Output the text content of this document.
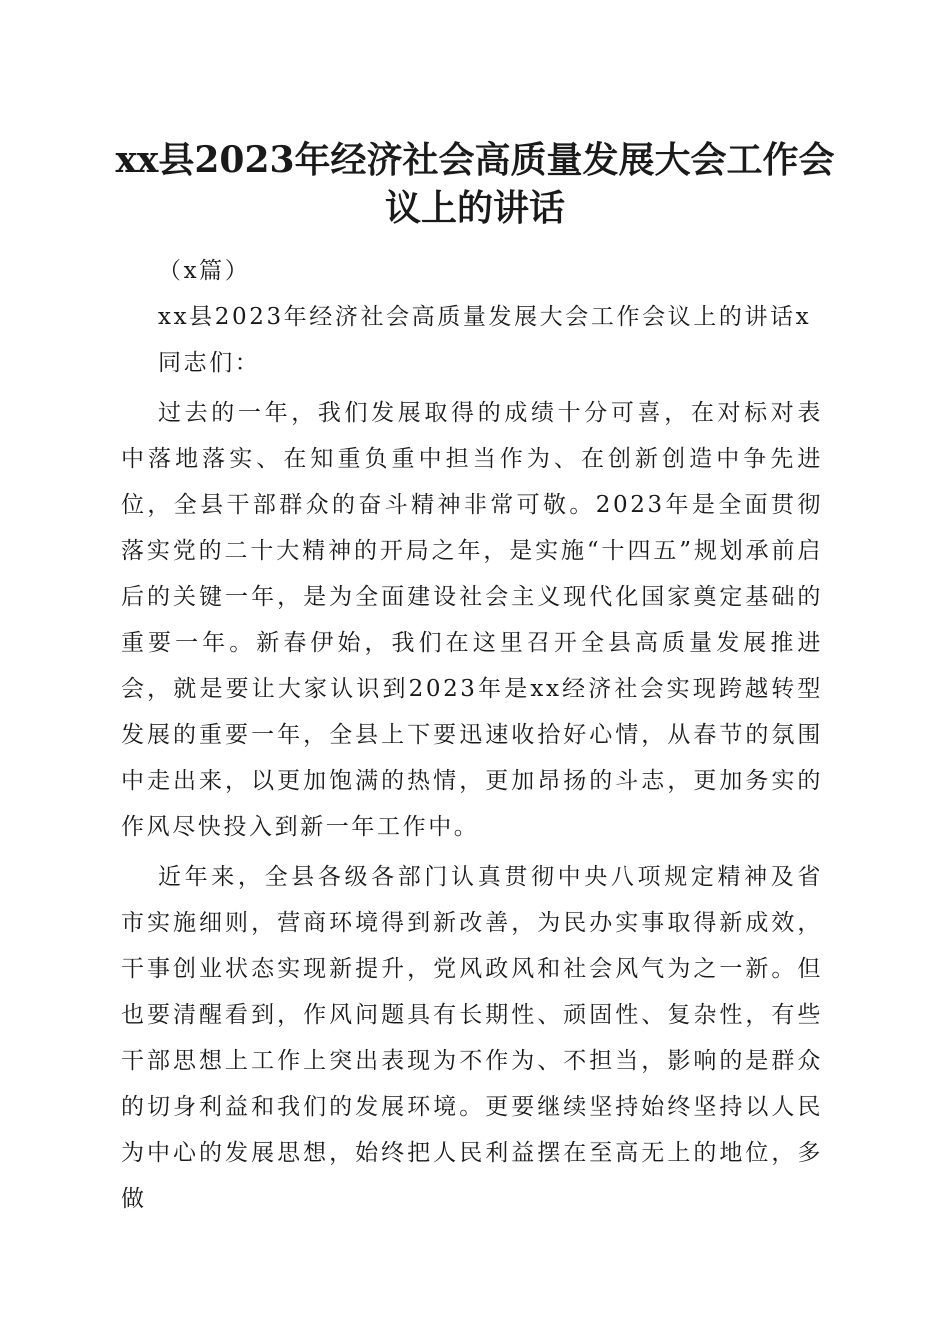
xx县2023年经济社会高质量发展大会工作会
议上的讲话

（x篇）

xx县2023年经济社会高质量发展大会工作会议上的讲话x

同志们：

过去的一年，我们发展取得的成绩十分可喜，在对标对表中落地落实、在知重负重中担当作为、在创新创造中争先进位，全县干部群众的奋斗精神非常可敬。2023年是全面贯彻落实党的二十大精神的开局之年，是实施“十四五”规划承前启后的关键一年，是为全面建设社会主义现代化国家奠定基础的重要一年。新春伊始，我们在这里召开全县高质量发展推进会，就是要让大家认识到2023年是xx经济社会实现跨越转型发展的重要一年，全县上下要迅速收拾好心情，从春节的氛围中走出来，以更加饱满的热情，更加昂扬的斗志，更加务实的作风尽快投入到新一年工作中。

近年来，全县各级各部门认真贯彻中央八项规定精神及省市实施细则，营商环境得到新改善，为民办实事取得新成效，干事创业状态实现新提升，党风政风和社会风气为之一新。但也要清醒看到，作风问题具有长期性、顽固性、复杂性，有些干部思想上工作上突出表现为不作为、不担当，影响的是群众的切身利益和我们的发展环境。更要继续坚持始终坚持以人民为中心的发展思想，始终把人民利益摆在至高无上的地位，多做
